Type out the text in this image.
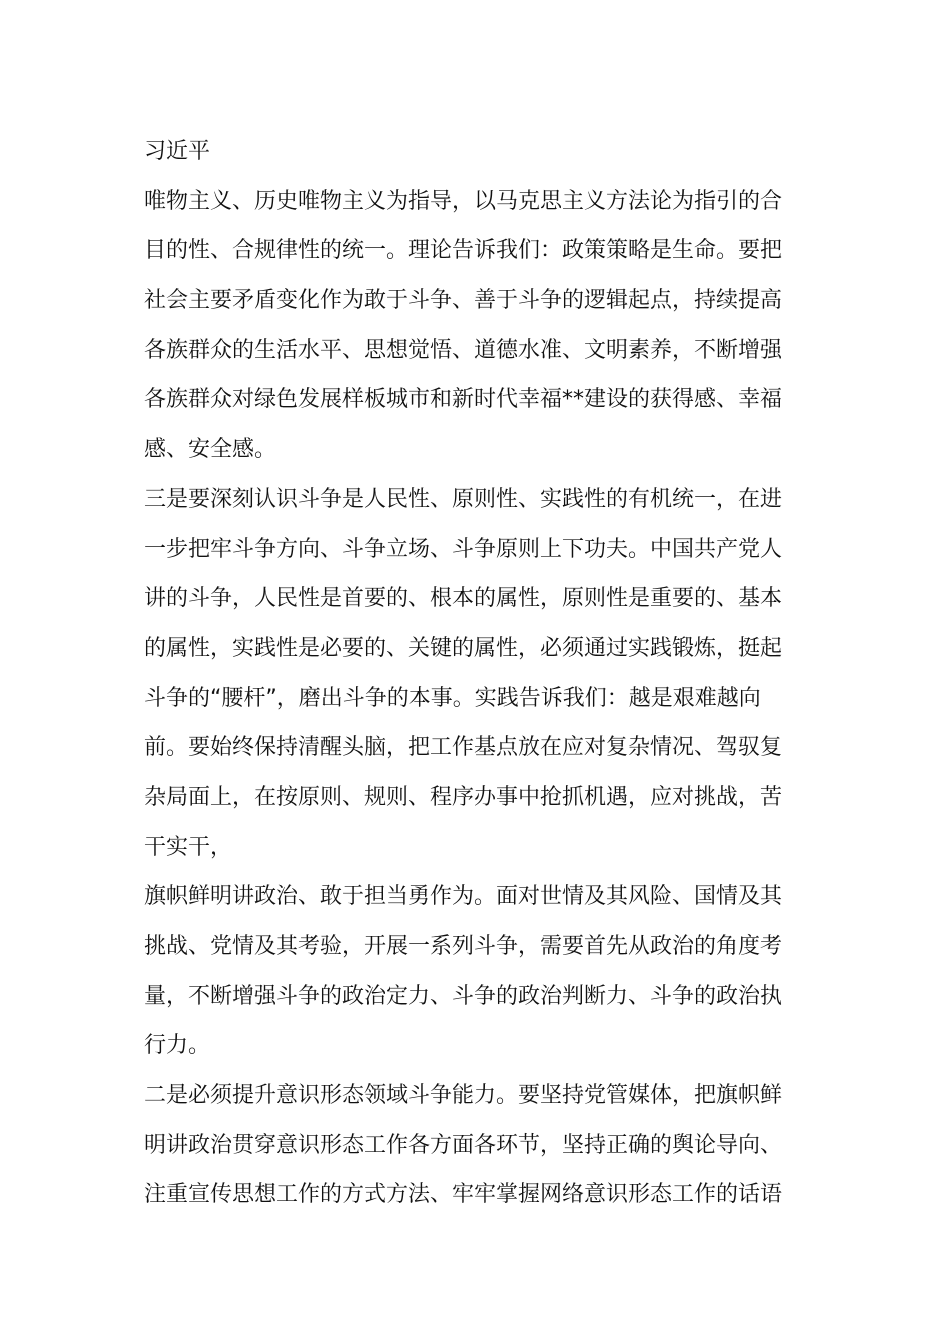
习近平
唯物主义、历史唯物主义为指导，以马克思主义方法论为指引的合
目的性、合规律性的统一。理论告诉我们：政策策略是生命。要把
社会主要矛盾变化作为敢于斗争、善于斗争的逻辑起点，持续提高
各族群众的生活水平、思想觉悟、道德水准、文明素养，不断增强
各族群众对绿色发展样板城市和新时代幸福**建设的获得感、幸福
感、安全感。
三是要深刻认识斗争是人民性、原则性、实践性的有机统一，在进
一步把牢斗争方向、斗争立场、斗争原则上下功夫。中国共产党人
讲的斗争，人民性是首要的、根本的属性，原则性是重要的、基本
的属性，实践性是必要的、关键的属性，必须通过实践锻炼，挺起
斗争的“腰杆”，磨出斗争的本事。实践告诉我们：越是艰难越向
前。要始终保持清醒头脑，把工作基点放在应对复杂情况、驾驭复
杂局面上，在按原则、规则、程序办事中抢抓机遇，应对挑战，苦
干实干，
旗帜鲜明讲政治、敢于担当勇作为。面对世情及其风险、国情及其
挑战、党情及其考验，开展一系列斗争，需要首先从政治的角度考
量，不断增强斗争的政治定力、斗争的政治判断力、斗争的政治执
行力。
二是必须提升意识形态领域斗争能力。要坚持党管媒体，把旗帜鲜
明讲政治贯穿意识形态工作各方面各环节，坚持正确的舆论导向、
注重宣传思想工作的方式方法、牢牢掌握网络意识形态工作的话语
